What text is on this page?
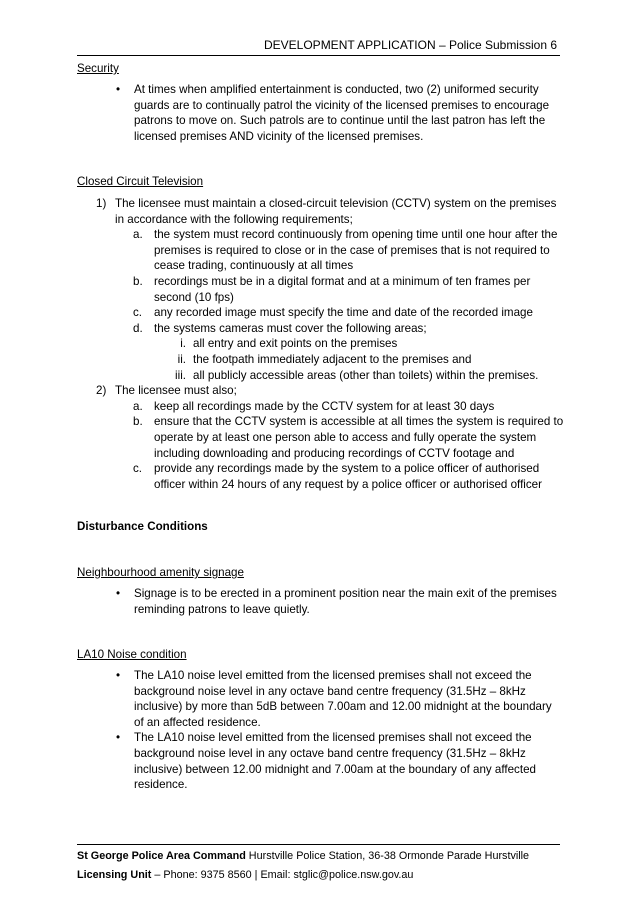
DEVELOPMENT APPLICATION – Police Submission 6
Security
• At times when amplified entertainment is conducted, two (2) uniformed security guards are to continually patrol the vicinity of the licensed premises to encourage patrons to move on. Such patrols are to continue until the last patron has left the licensed premises AND vicinity of the licensed premises.
Closed Circuit Television
1) The licensee must maintain a closed-circuit television (CCTV) system on the premises in accordance with the following requirements;
a. the system must record continuously from opening time until one hour after the premises is required to close or in the case of premises that is not required to cease trading, continuously at all times
b. recordings must be in a digital format and at a minimum of ten frames per second (10 fps)
c. any recorded image must specify the time and date of the recorded image
d. the systems cameras must cover the following areas;
i. all entry and exit points on the premises
ii. the footpath immediately adjacent to the premises and
iii. all publicly accessible areas (other than toilets) within the premises.
2) The licensee must also;
a. keep all recordings made by the CCTV system for at least 30 days
b. ensure that the CCTV system is accessible at all times the system is required to operate by at least one person able to access and fully operate the system including downloading and producing recordings of CCTV footage and
c. provide any recordings made by the system to a police officer of authorised officer within 24 hours of any request by a police officer or authorised officer
Disturbance Conditions
Neighbourhood amenity signage
• Signage is to be erected in a prominent position near the main exit of the premises reminding patrons to leave quietly.
LA10 Noise condition
• The LA10 noise level emitted from the licensed premises shall not exceed the background noise level in any octave band centre frequency (31.5Hz – 8kHz inclusive) by more than 5dB between 7.00am and 12.00 midnight at the boundary of an affected residence.
• The LA10 noise level emitted from the licensed premises shall not exceed the background noise level in any octave band centre frequency (31.5Hz – 8kHz inclusive) between 12.00 midnight and 7.00am at the boundary of any affected residence.
St George Police Area Command Hurstville Police Station, 36-38 Ormonde Parade Hurstville
Licensing Unit – Phone: 9375 8560 | Email: stglic@police.nsw.gov.au
